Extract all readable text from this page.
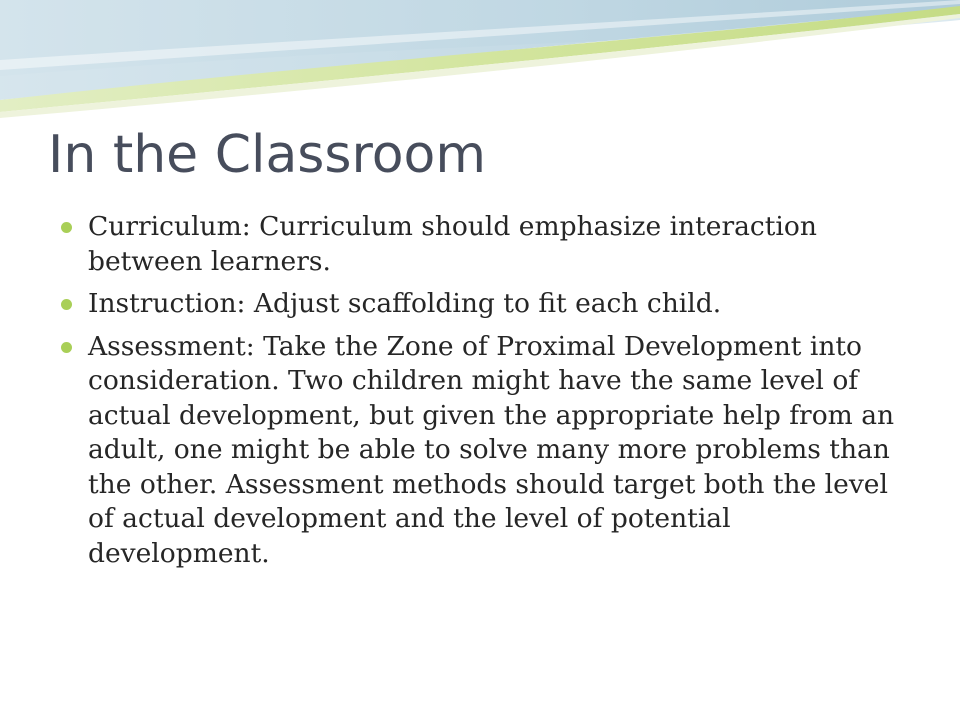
In the Classroom
Curriculum: Curriculum should emphasize interaction between learners.
Instruction: Adjust scaffolding to fit each child.
Assessment: Take the Zone of Proximal Development into consideration. Two children might have the same level of actual development, but given the appropriate help from an adult, one might be able to solve many more problems than the other. Assessment methods should target both the level of actual development and the level of potential development.
